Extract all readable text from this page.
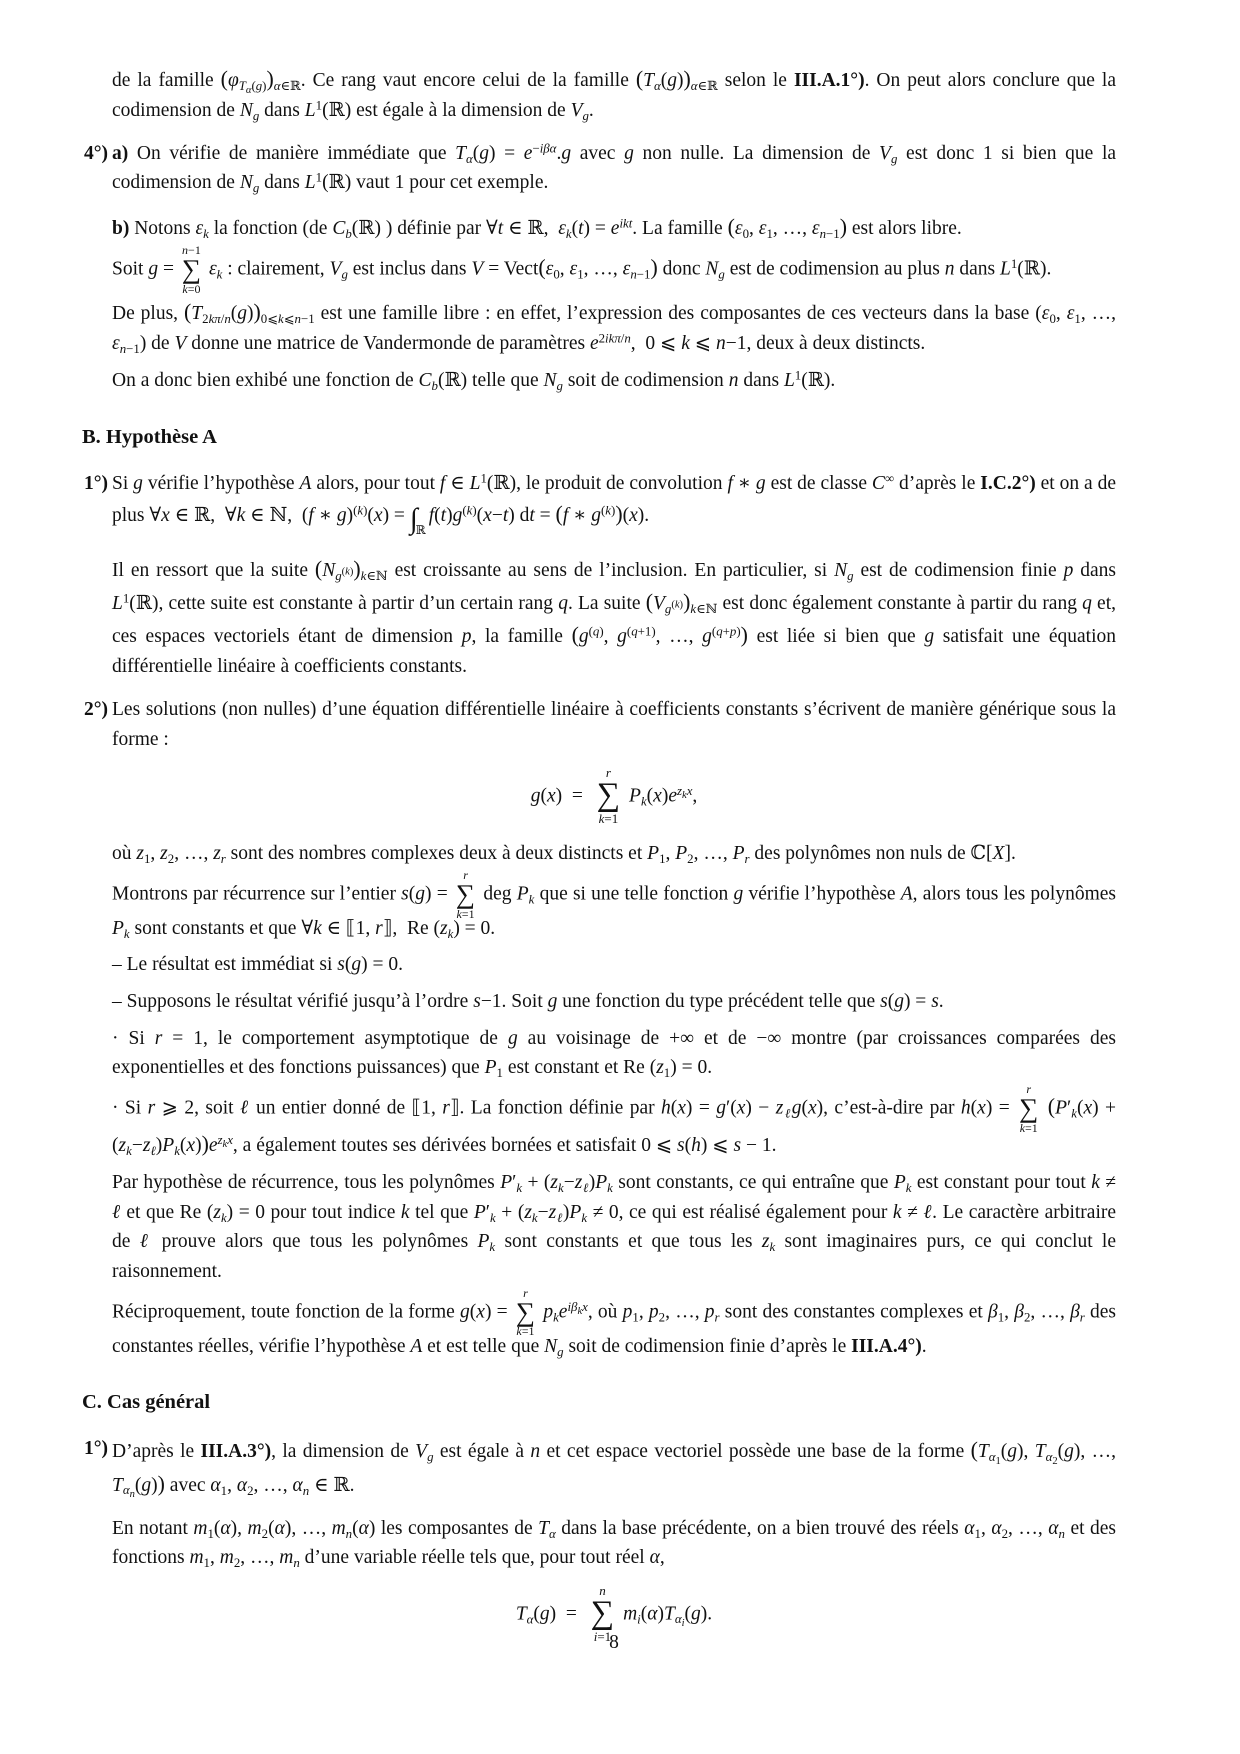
de la famille $(\varphi_{T_\alpha(g)})_{\alpha\in ℝ}$. Ce rang vaut encore celui de la famille $(T_\alpha(g))_{\alpha\in ℝ}$ selon le III.A.1°). On peut alors conclure que la codimension de $N_g$ dans $L^1(ℝ)$ est égale à la dimension de $V_g$.
4°) a) On vérifie de manière immédiate que $T_\alpha(g) = e^{-i\beta\alpha}.g$ avec g non nulle. La dimension de $V_g$ est donc 1 si bien que la codimension de $N_g$ dans $L^1(ℝ)$ vaut 1 pour cet exemple.
b) Notons $\varepsilon_k$ la fonction (de $C_b(ℝ)$ ) définie par ∀t ∈ ℝ,  $\varepsilon_k(t) = e^{ikt}$. La famille ($\varepsilon_0$, $\varepsilon_1$, …, $\varepsilon_{n-1}$) est alors libre.
Soit g =
n−1
∑
k=0
$\varepsilon_k$ : clairement, $V_g$ est inclus dans $V = Vect(\varepsilon_0$, $\varepsilon_1$, …, $\varepsilon_{n-1}$) donc $N_g$ est de codimension au plus n dans $L^1(ℝ)$.
De plus, $(T_{2k\pi/n}(g))_{0⩽k⩽n-1}$ est une famille libre : en effet, l’expression des composantes de ces vecteurs dans la base ($\varepsilon_0$, $\varepsilon_1$, …, $\varepsilon_{n-1}$) de V donne une matrice de Vandermonde de paramètres $e^{2ik\pi/n}$,  0 ⩽ k ⩽ n−1, deux à deux distincts.
On a donc bien exhibé une fonction de $C_b(ℝ)$ telle que $N_g$ soit de codimension n dans $L^1(ℝ)$.
B. Hypothèse A
1°) Si g vérifie l’hypothèse A alors, pour tout f ∈ $L^1(ℝ)$, le produit de convolution f ∗ g est de classe C∞ d’après le I.C.2°) et on a de plus ∀x ∈ ℝ,  ∀k ∈ ℕ,  (f ∗ $g)^{(k)}(x) = \int_ℝf(t)g^{(k)}(x-t)$ dt = (f ∗ $g^{(k)})(x)$.
Il en ressort que la suite $(N_{g^{(k)}})_{k\in ℕ}$ est croissante au sens de l’inclusion. En particulier, si $N_g$ est de codimension finie p dans $L^1(ℝ)$, cette suite est constante à partir d’un certain rang q. La suite $(V_{g^{(k)}})_{k\in ℕ}$ est donc également constante à partir du rang q et, ces espaces vectoriels étant de dimension p, la famille ($g^{(q)}$, $g^{(q+1)}$, …, $g^{(q+p)}$) est liée si bien que g satisfait une équation différentielle linéaire à coefficients constants.
2°) Les solutions (non nulles) d’une équation différentielle linéaire à coefficients constants s’écrivent de manière générique sous la forme :
g(x)  =
r
∑
k=1
$P_k(x)e^{z_kx}$,
où $z_1$, $z_2$, …, $z_r$ sont des nombres complexes deux à deux distincts et $P_1$, $P_2$, …, $P_r$ des polynômes non nuls de ℂ[X].
Montrons par récurrence sur l’entier s(g) =
r
∑
k=1
deg $P_k$ que si une telle fonction g vérifie l’hypothèse A, alors tous les polynômes $P_k$ sont constants et que ∀k ∈ ⟦1, r⟧,  Re $(z_k) = 0$.
– Le résultat est immédiat si s(g) = 0.
– Supposons le résultat vérifié jusqu’à l’ordre s−1. Soit g une fonction du type précédent telle que s(g) = s.
· Si r = 1, le comportement asymptotique de g au voisinage de +∞ et de −∞ montre (par croissances comparées des exponentielles et des fonctions puissances) que $P_1$ est constant et Re $(z_1) = 0$.
· Si r ⩾ 2, soit ℓ un entier donné de ⟦1, r⟧. La fonction définie par $h(x) = g'(x) - z_\ell g(x)$, c’est-à-dire par h(x) =
r
∑
k=1
$(P'_k(x) + (z_k-z_\ell)P_k(x))e^{z_kx}$, a également toutes ses dérivées bornées et satisfait 0 ⩽ s(h) ⩽ s − 1.
Par hypothèse de récurrence, tous les polynômes $P'_k + (z_k-z_\ell)P_k$ sont constants, ce qui entraîne que $P_k$ est constant pour tout k ≠ ℓ et que Re $(z_k) = 0$ pour tout indice k tel que $P'_k + (z_k-z_\ell)P_k \ne 0$, ce qui est réalisé également pour k ≠ ℓ. Le caractère arbitraire de ℓ prouve alors que tous les polynômes $P_k$ sont constants et que tous les $z_k$ sont imaginaires purs, ce qui conclut le raisonnement.
Réciproquement, toute fonction de la forme g(x) =
r
∑
k=1
$p_ke^{i\beta_kx}$, où $p_1$, $p_2$, …, $p_r$ sont des constantes complexes et $\beta_1$, $\beta_2$, …, $\beta_r$ des constantes réelles, vérifie l’hypothèse A et est telle que $N_g$ soit de codimension finie d’après le III.A.4°).
C. Cas général
1°) D’après le III.A.3°), la dimension de $V_g$ est égale à n et cet espace vectoriel possède une base de la forme ($T_{\alpha_1}(g)$, $T_{\alpha_2}(g)$, …, $T_{\alpha_n}(g)$) avec $\alpha_1$, $\alpha_2$, …, $\alpha_n$ ∈ ℝ.
En notant $m_1(\alpha)$, $m_2(\alpha)$, …, $m_n(\alpha)$ les composantes de $T_\alpha$ dans la base précédente, on a bien trouvé des réels $\alpha_1$, $\alpha_2$, …, $\alpha_n$ et des fonctions $m_1$, $m_2$, …, $m_n$ d’une variable réelle tels que, pour tout réel α,
$T_\alpha(g)$  =
n
∑
i=1
$m_i(\alpha)T_{\alpha_i}(g)$.
8
